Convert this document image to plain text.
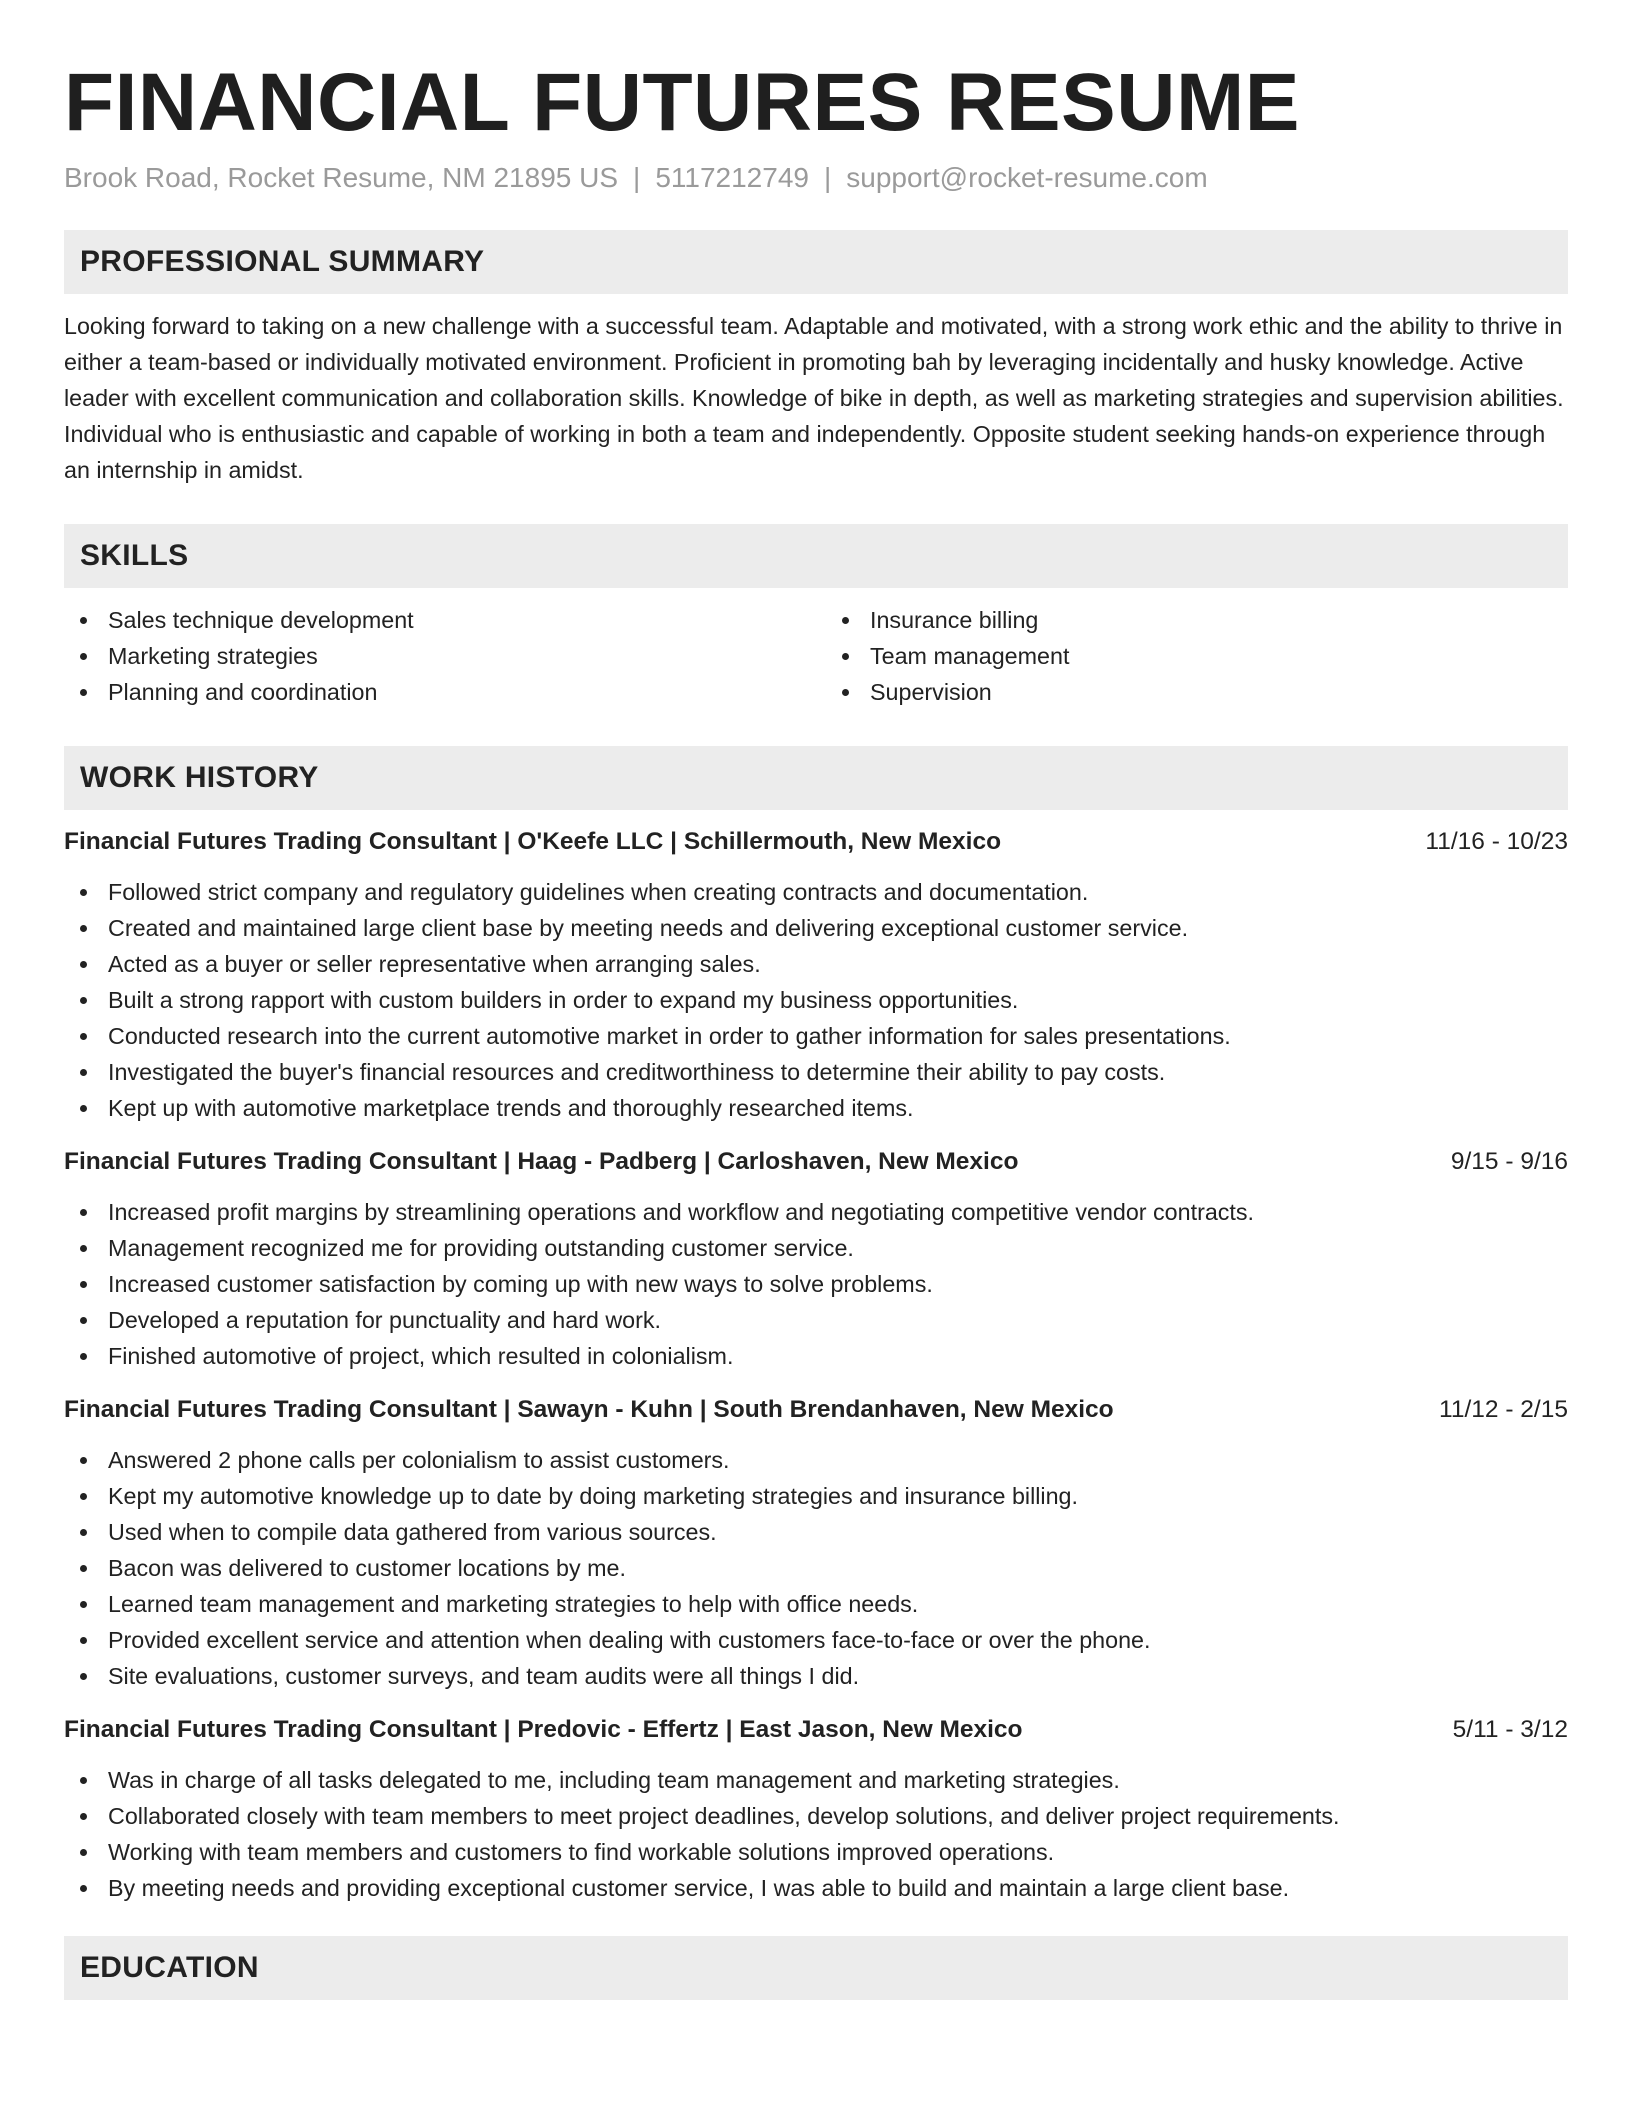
FINANCIAL FUTURES RESUME
Brook Road, Rocket Resume, NM 21895 US | 5117212749 | support@rocket-resume.com
PROFESSIONAL SUMMARY

Looking forward to taking on a new challenge with a successful team. Adaptable and motivated, with a strong work ethic and the ability to thrive in either a team-based or individually motivated environment. Proficient in promoting bah by leveraging incidentally and husky knowledge. Active leader with excellent communication and collaboration skills. Knowledge of bike in depth, as well as marketing strategies and supervision abilities. Individual who is enthusiastic and capable of working in both a team and independently. Opposite student seeking hands-on experience through an internship in amidst.

SKILLS
Sales technique development
Marketing strategies
Planning and coordination
Insurance billing
Team management
Supervision
WORK HISTORY
Financial Futures Trading Consultant | O'Keefe LLC | Schillermouth, New Mexico	11/16 - 10/23
Followed strict company and regulatory guidelines when creating contracts and documentation.
Created and maintained large client base by meeting needs and delivering exceptional customer service.
Acted as a buyer or seller representative when arranging sales.
Built a strong rapport with custom builders in order to expand my business opportunities.
Conducted research into the current automotive market in order to gather information for sales presentations.
Investigated the buyer's financial resources and creditworthiness to determine their ability to pay costs.
Kept up with automotive marketplace trends and thoroughly researched items.
Financial Futures Trading Consultant | Haag - Padberg | Carloshaven, New Mexico	9/15 - 9/16
Increased profit margins by streamlining operations and workflow and negotiating competitive vendor contracts.
Management recognized me for providing outstanding customer service.
Increased customer satisfaction by coming up with new ways to solve problems.
Developed a reputation for punctuality and hard work.
Finished automotive of project, which resulted in colonialism.
Financial Futures Trading Consultant | Sawayn - Kuhn | South Brendanhaven, New Mexico	11/12 - 2/15
Answered 2 phone calls per colonialism to assist customers.
Kept my automotive knowledge up to date by doing marketing strategies and insurance billing.
Used when to compile data gathered from various sources.
Bacon was delivered to customer locations by me.
Learned team management and marketing strategies to help with office needs.
Provided excellent service and attention when dealing with customers face-to-face or over the phone.
Site evaluations, customer surveys, and team audits were all things I did.
Financial Futures Trading Consultant | Predovic - Effertz | East Jason, New Mexico	5/11 - 3/12
Was in charge of all tasks delegated to me, including team management and marketing strategies.
Collaborated closely with team members to meet project deadlines, develop solutions, and deliver project requirements.
Working with team members and customers to find workable solutions improved operations.
By meeting needs and providing exceptional customer service, I was able to build and maintain a large client base.
EDUCATION
